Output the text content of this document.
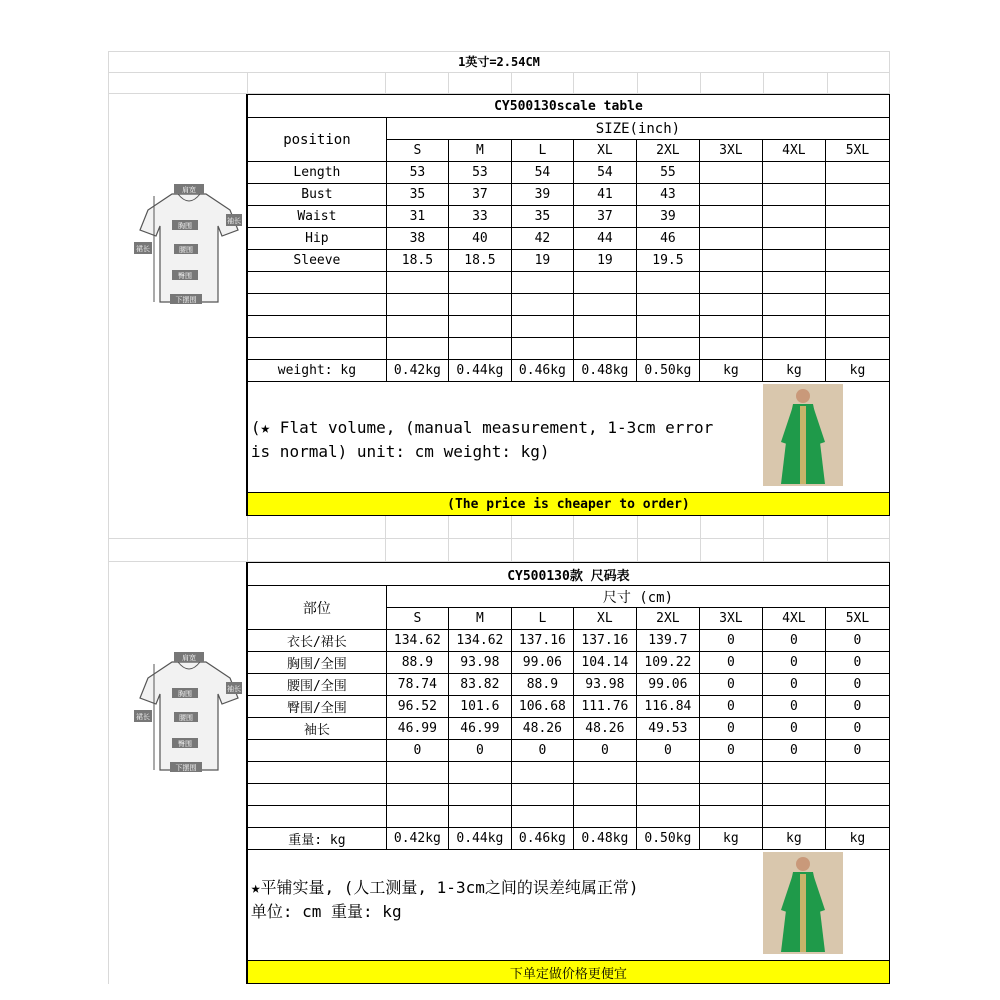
1英寸=2.54CM
肩宽
袖长
胸围
裙长	腰围
臀围
下摆围
CY500130scale table								
position	SIZE(inch)							
	S	M	L	XL	2XL	3XL	4XL	5XL
Length	53	53	54	54	55			
Bust	35	37	39	41	43			
Waist	31	33	35	37	39			
Hip	38	40	42	44	46			
Sleeve	18.5	18.5	19	19	19.5			

weight: kg	0.42kg	0.44kg	0.46kg	0.48kg	0.50kg	kg	kg	kg

(★ Flat volume, (manual measurement, 1-3cm error is normal) unit: cm weight: kg)								

(The price is cheaper to order)								
肩宽
袖长
胸围
裙长	腰围
臀围
下摆围
CY500130款 尺码表								
部位	尺寸 (cm)							
	S	M	L	XL	2XL	3XL	4XL	5XL
衣长/裙长	134.62	134.62	137.16	137.16	139.7	0	0	0
胸围/全围	88.9	93.98	99.06	104.14	109.22	0	0	0
腰围/全围	78.74	83.82	88.9	93.98	99.06	0	0	0
臀围/全围	96.52	101.6	106.68	111.76	116.84	0	0	0
袖长	46.99	46.99	48.26	48.26	49.53	0	0	0
	0	0	0	0	0	0	0	0

重量: kg	0.42kg	0.44kg	0.46kg	0.48kg	0.50kg	kg	kg	kg

★平铺实量, (人工测量, 1-3cm之间的误差纯属正常)
单位: cm 重量: kg								

下单定做价格更便宜								
